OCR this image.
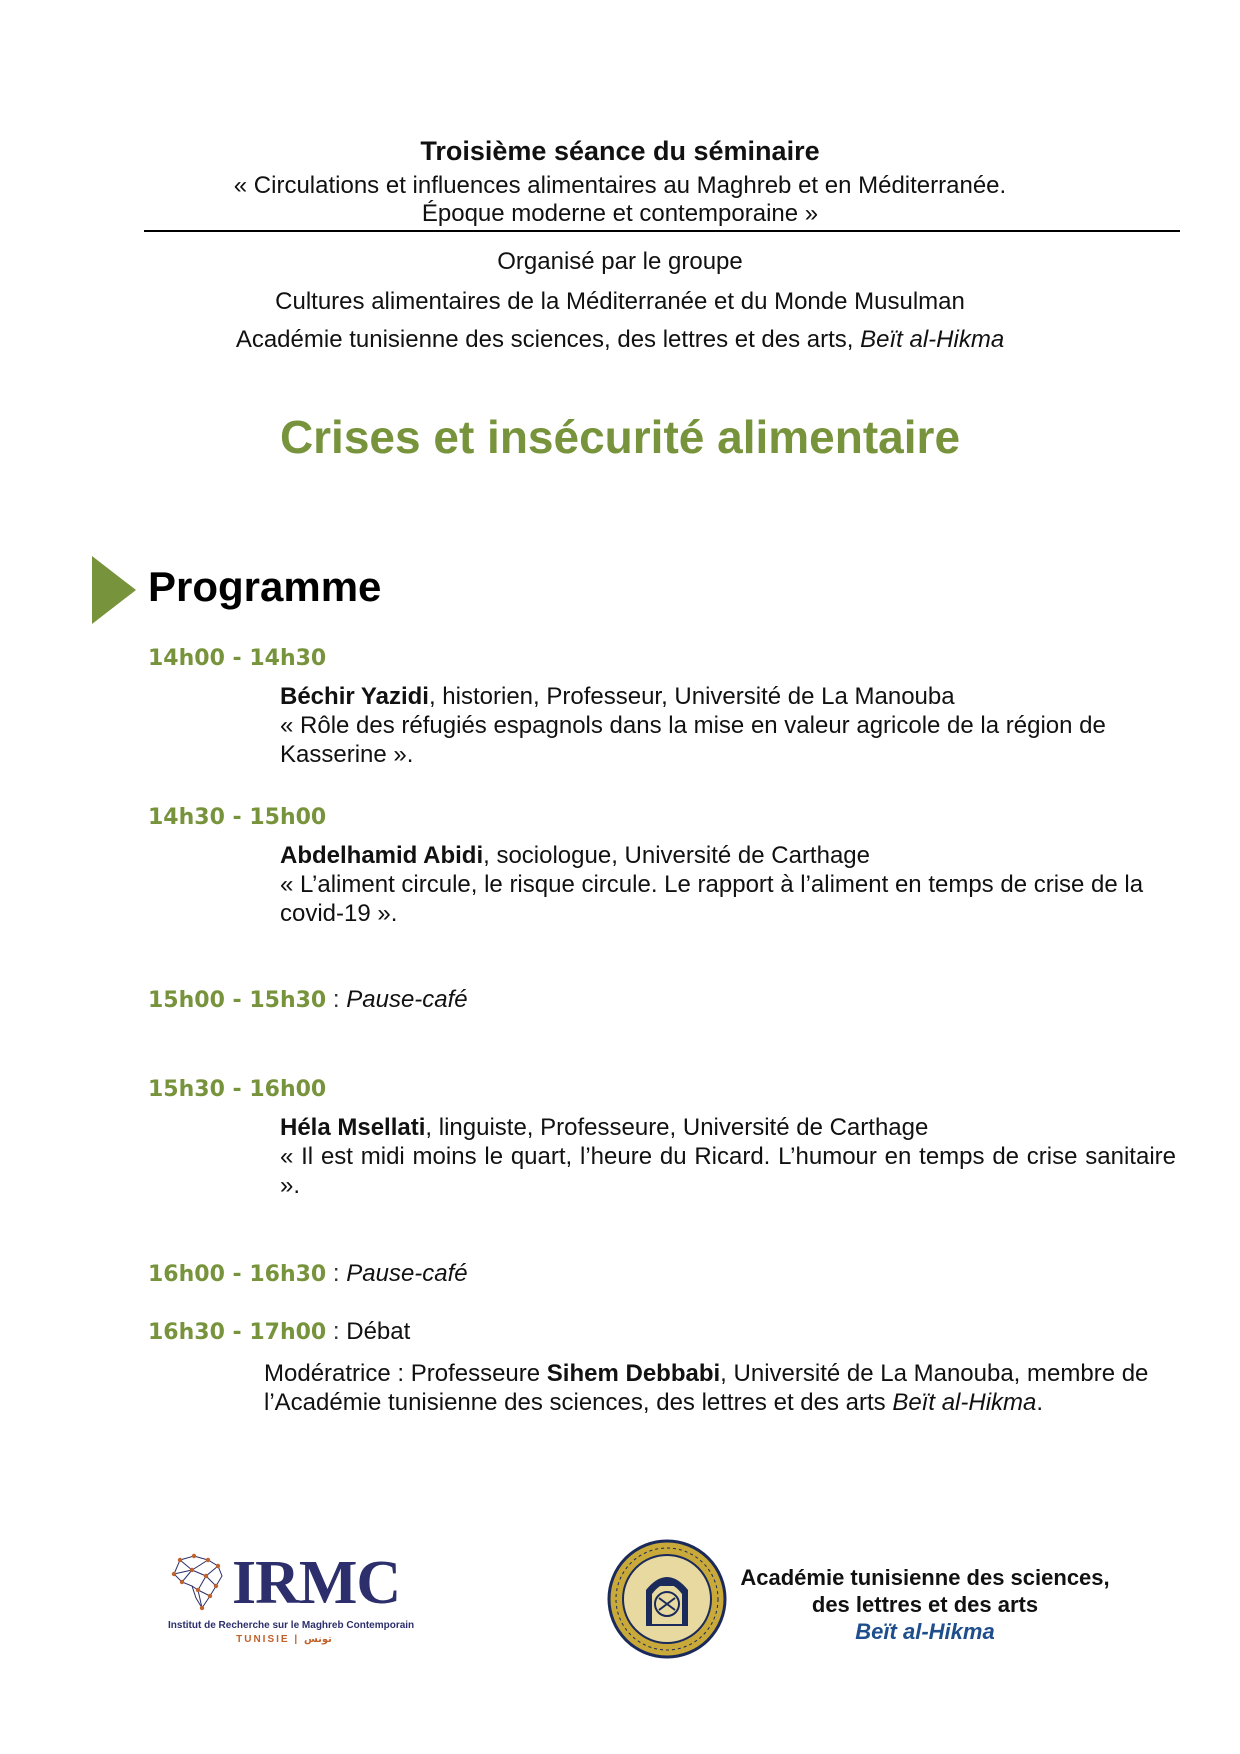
Troisième séance du séminaire
« Circulations et influences alimentaires au Maghreb et en Méditerranée.
Époque moderne et contemporaine »
Organisé par le groupe
Cultures alimentaires de la Méditerranée et du Monde Musulman
Académie tunisienne des sciences, des lettres et des arts, Beït al-Hikma
Crises et insécurité alimentaire
Programme
14h00 - 14h30
Béchir Yazidi, historien, Professeur, Université de La Manouba
« Rôle des réfugiés espagnols dans la mise en valeur agricole de la région de Kasserine ».
14h30 - 15h00
Abdelhamid Abidi, sociologue, Université de Carthage
« L’aliment circule, le risque circule. Le rapport à l’aliment en temps de crise de la covid-19 ».
15h00 - 15h30 : Pause-café
15h30 - 16h00
Héla Msellati, linguiste, Professeure, Université de Carthage
« Il est midi moins le quart, l’heure du Ricard. L’humour en temps de crise sanitaire ».
16h00 - 16h30 : Pause-café
16h30 - 17h00 : Débat
Modératrice : Professeure Sihem Debbabi, Université de La Manouba, membre de l’Académie tunisienne des sciences, des lettres et des arts Beït al-Hikma.
IRMC
Institut de Recherche sur le Maghreb Contemporain
TUNISIE | تونس
Académie tunisienne des sciences,
des lettres et des arts
Beït al-Hikma
